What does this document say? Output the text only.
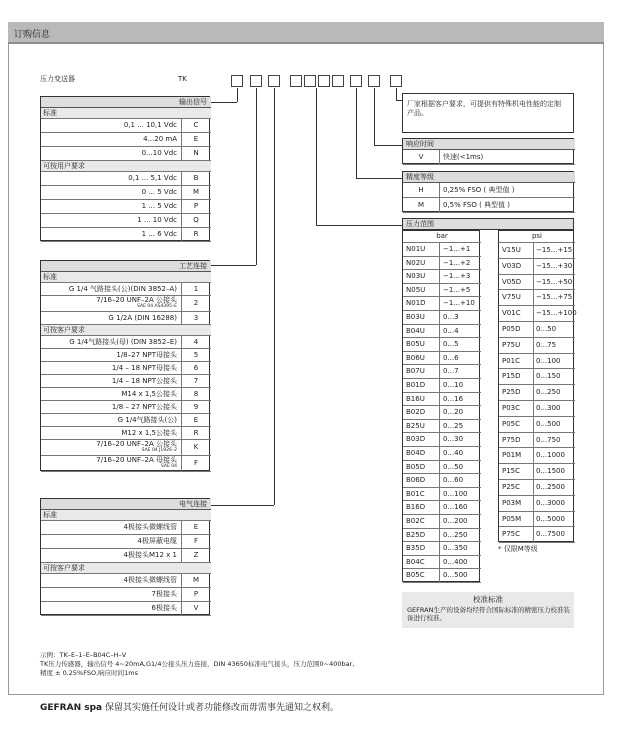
订购信息
压力变送器	TK
厂家根据客户要求，可提供有特殊机电性能的定制产品。
输出信号
标准
0,1 ... 10,1 Vdc	C
4...20 mA	E
0...10 Vdc	N
可按用户要求
0,1 ... 5,1 Vdc	B
0 ... 5 Vdc	M
1 ... 5 Vdc	P
1 ... 10 Vdc	Q
1 ... 6 Vdc	R
工艺连接
标准
G 1/4 气路接头(公)(DIN 3852–A)	1
7/16–20 UNF–2A 公接头
SAE 04 AS4395–E	2
G 1/2A (DIN 16288)	3
可按客户要求
G 1/4气路接头(母) (DIN 3852–E)	4
1/8–27 NPT母接头	5
1/4 – 18 NPT母接头	6
1/4 – 18 NPT公接头	7
M14 x 1,5公接头	8
1/8 – 27 NPT公接头	9
G 1/4气路接头(公)	E
M12 x 1,5公接头	R
7/16–20 UNF–2A 公接头
SAE 04 J1926–2	K
7/16–20 UNF–2A 母接头
SAE 04	F
电气连接
标准
4极接头微螺线管	E
4极屏蔽电缆	F
4极接头M12 x 1	Z
可按客户要求
4极接头微螺线管	M
7极接头	P
6极接头	V
响应时间
V	快速(<1ms)
精度等级
H	0,25% FSO ( 典型值 )
M	0,5% FSO ( 典型值 )
压力范围
bar
N01U	−1...+1
N02U	−1...+2
N03U	−1...+3
N05U	−1...+5
N01D −1...+10
B03U	0...3
B04U	0...4
B05U	0...5
B06U	0...6
B07U	0...7
B01D	0...10
B16U	0...16
B02D	0...20
B25U	0...25
B03D	0...30
B04D	0...40
B05D	0...50
B06D	0...60
B01C	0...100
B16D	0...160
B02C	0...200
B25D	0...250
B35D	0...350
B04C	0...400
B05C	0...500
psi
V15U −15...+15
V03D −15...+30
V05D −15...+50
V75U −15...+75
V01C −15...+100
P05D 0...50
P75U 0...75
P01C 0...100
P15D 0...150
P25D 0...250
P03C 0...300
P05C 0...500
P75D 0...750
P01M 0...1000
P15C 0...1500
P25C 0...2500
P03M 0...3000
P05M 0...5000
P75C 0...7500
校准标准
GEFRAN生产的设备均经符合国际标准的精密压力校准装备进行校准。
* 仅限M等级
示例：TK–E–1–E–B04C–H–V
TK压力传感器，输出信号 4~20mA,G1/4公接头压力连接，DIN 43650标准电气接头，压力范围0~400bar,
精度 ± 0.25%FSO,响应时间1ms
GEFRAN spa 保留其实施任何设计或者功能修改而毋需事先通知之权利。
